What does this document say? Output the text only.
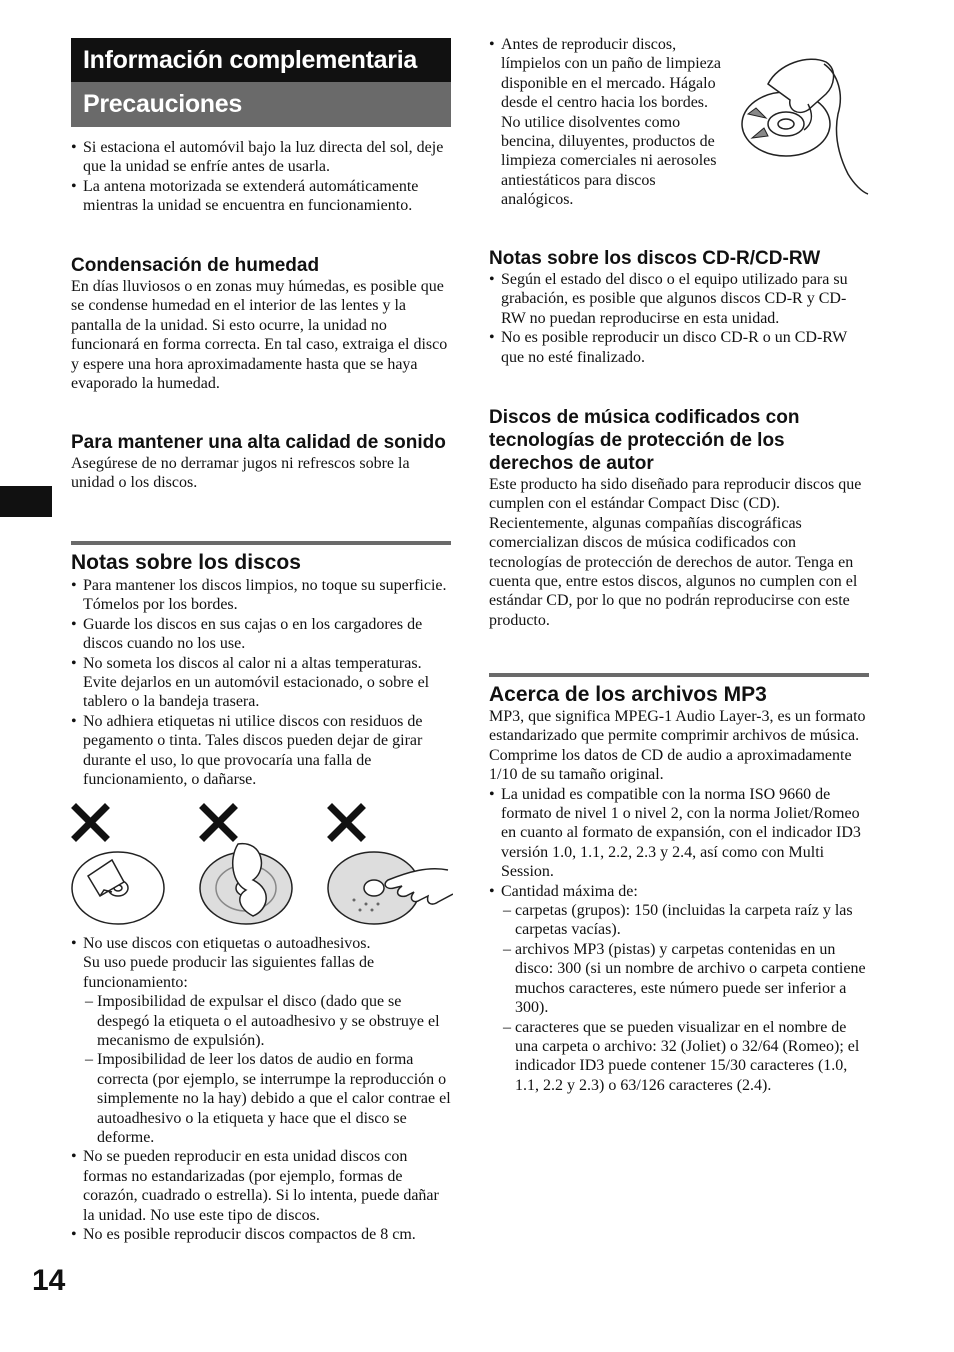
Información complementaria
Precauciones
• Si estaciona el automóvil bajo la luz directa del sol, deje que la unidad se enfríe antes de usarla.
• La antena motorizada se extenderá automáticamente mientras la unidad se encuentra en funcionamiento.
Condensación de humedad

En días lluviosos o en zonas muy húmedas, es posible que se condense humedad en el interior de las lentes y la pantalla de la unidad. Si esto ocurre, la unidad no funcionará en forma correcta. En tal caso, extraiga el disco y espere una hora aproximadamente hasta que se haya evaporado la humedad.

Para mantener una alta calidad de sonido

Asegúrese de no derramar jugos ni refrescos sobre la unidad o los discos.

Notas sobre los discos
• Para mantener los discos limpios, no toque su superficie. Tómelos por los bordes.
• Guarde los discos en sus cajas o en los cargadores de discos cuando no los use.
• No someta los discos al calor ni a altas temperaturas. Evite dejarlos en un automóvil estacionado, o sobre el tablero o la bandeja trasera.
• No adhiera etiquetas ni utilice discos con residuos de pegamento o tinta. Tales discos pueden dejar de girar durante el uso, lo que provocaría una falla de funcionamiento, o dañarse.
• No use discos con etiquetas o autoadhesivos.
Su uso puede producir las siguientes fallas de funcionamiento:
– Imposibilidad de expulsar el disco (dado que se despegó la etiqueta o el autoadhesivo y se obstruye el mecanismo de expulsión).
– Imposibilidad de leer los datos de audio en forma correcta (por ejemplo, se interrumpe la reproducción o simplemente no la hay) debido a que el calor contrae el autoadhesivo o la etiqueta y hace que el disco se deforme.
• No se pueden reproducir en esta unidad discos con formas no estandarizadas (por ejemplo, formas de corazón, cuadrado o estrella). Si lo intenta, puede dañar la unidad. No use este tipo de discos.
• No es posible reproducir discos compactos de 8 cm.
14
• Antes de reproducir discos, límpielos con un paño de limpieza disponible en el mercado. Hágalo desde el centro hacia los bordes. No utilice disolventes como bencina, diluyentes, productos de limpieza comerciales ni aerosoles antiestáticos para discos analógicos.
Notas sobre los discos CD-R/CD-RW
• Según el estado del disco o el equipo utilizado para su grabación, es posible que algunos discos CD-R y CD-RW no puedan reproducirse en esta unidad.
• No es posible reproducir un disco CD-R o un CD-RW que no esté finalizado.
Discos de música codificados con tecnologías de protección de los derechos de autor

Este producto ha sido diseñado para reproducir discos que cumplen con el estándar Compact Disc (CD).

Recientemente, algunas compañías discográficas comercializan discos de música codificados con tecnologías de protección de derechos de autor. Tenga en cuenta que, entre estos discos, algunos no cumplen con el estándar CD, por lo que no podrán reproducirse con este producto.

Acerca de los archivos MP3

MP3, que significa MPEG-1 Audio Layer-3, es un formato estandarizado que permite comprimir archivos de música. Comprime los datos de CD de audio a aproximadamente 1/10 de su tamaño original.

• La unidad es compatible con la norma ISO 9660 de formato de nivel 1 o nivel 2, con la norma Joliet/Romeo en cuanto al formato de expansión, con el indicador ID3 versión 1.0, 1.1, 2.2, 2.3 y 2.4, así como con Multi Session.
• Cantidad máxima de:
– carpetas (grupos): 150 (incluidas la carpeta raíz y las carpetas vacías).
– archivos MP3 (pistas) y carpetas contenidas en un disco: 300 (si un nombre de archivo o carpeta contiene muchos caracteres, este número puede ser inferior a 300).
– caracteres que se pueden visualizar en el nombre de una carpeta o archivo: 32 (Joliet) o 32/64 (Romeo); el indicador ID3 puede contener 15/30 caracteres (1.0, 1.1, 2.2 y 2.3) o 63/126 caracteres (2.4).
